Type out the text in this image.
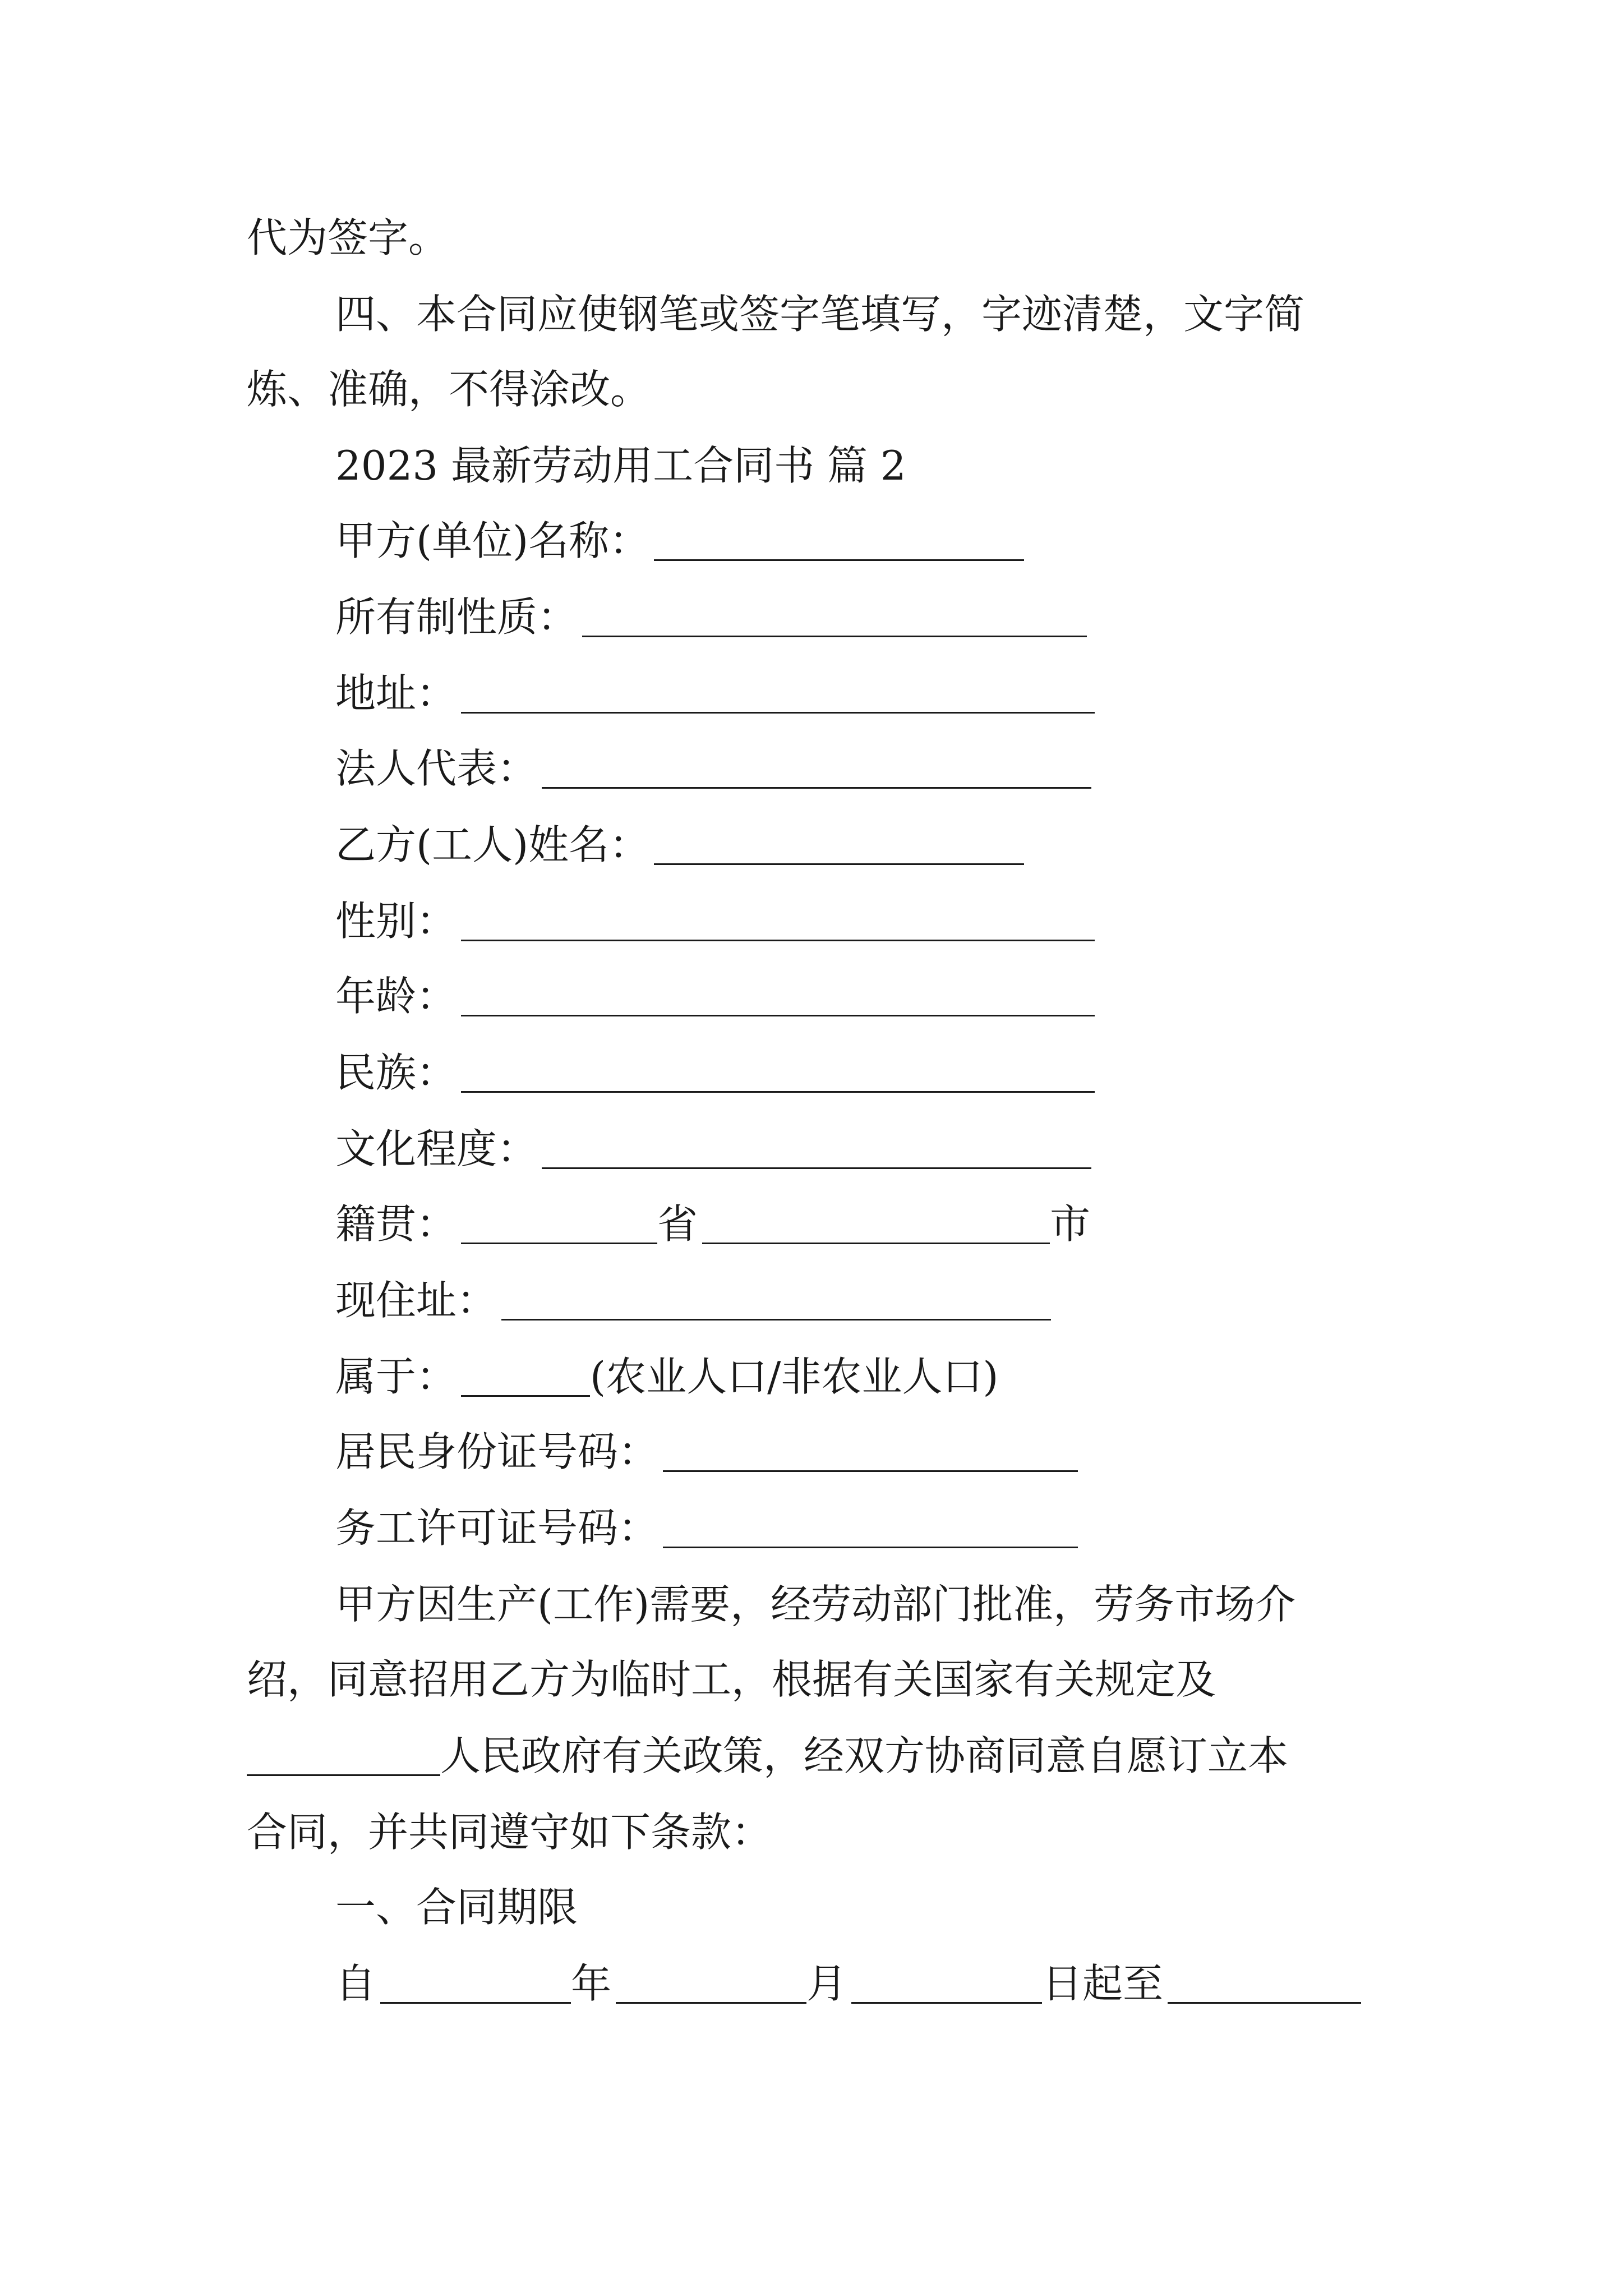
代为签字。
四、本合同应使钢笔或签字笔填写，字迹清楚，文字简
炼、准确，不得涂改。
2023 最新劳动用工合同书 篇 2
甲方(单位)名称：
所有制性质：
地址：
法人代表：
乙方(工人)姓名：
性别：
年龄：
民族：
文化程度：
籍贯：	省	市
现住址：
属于：	(农业人口/非农业人口)
居民身份证号码：
务工许可证号码：
甲方因生产(工作)需要，经劳动部门批准，劳务市场介
绍，同意招用乙方为临时工，根据有关国家有关规定及
人民政府有关政策，经双方协商同意自愿订立本
合同，并共同遵守如下条款：
一、合同期限
自	年	月	日起至
